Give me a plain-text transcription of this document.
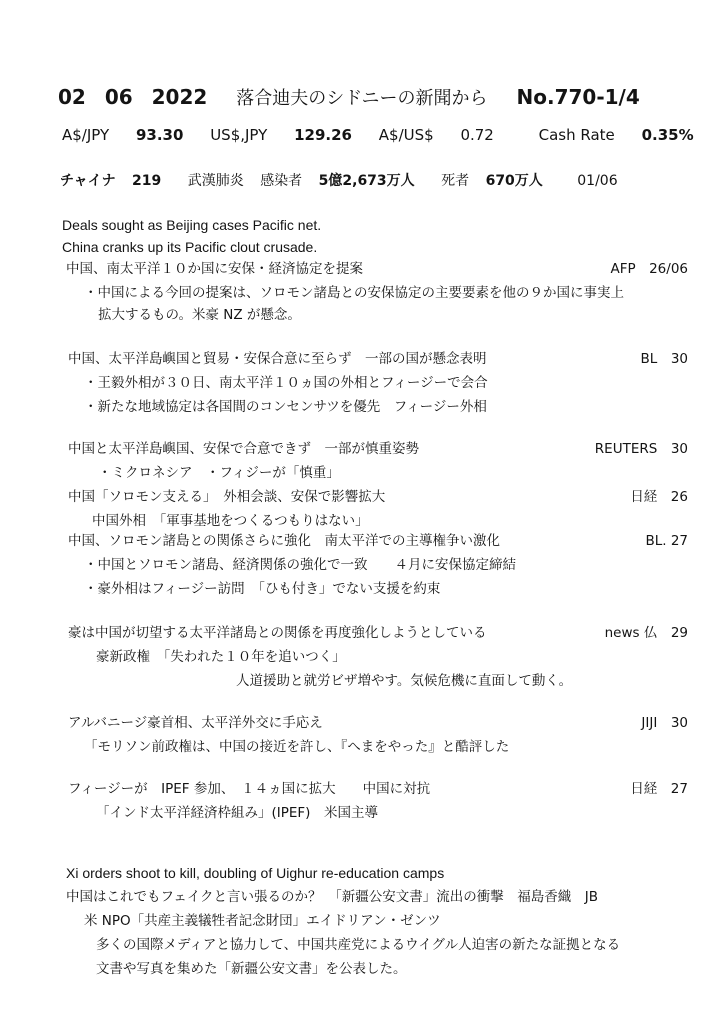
02 06 2022 落合迪夫のシドニーの新聞から No.770-1/4
A$/JPY 93.30 US$,JPY 129.26 A$/US$ 0.72	Cash Rate 0.35%
チャイナ 219 武漢肺炎 感染者 5億2,673万人 死者 670万人 01/06
Deals sought as Beijing cases Pacific net.
China cranks up its Pacific clout crusade.
中国、南太平洋１０か国に安保・経済協定を提案	AFP　26/06
・中国による今回の提案は、ソロモン諸島との安保協定の主要要素を他の９か国に事実上
拡大するもの。米豪 NZ が懸念。
中国、太平洋島嶼国と貿易・安保合意に至らず　一部の国が懸念表明	BL　30
・王毅外相が３０日、南太平洋１０ヵ国の外相とフィージーで会合
・新たな地域協定は各国間のコンセンサツを優先　フィージー外相
中国と太平洋島嶼国、安保で合意できず　一部が慎重姿勢	REUTERS　30
・ミクロネシア　・フィジーが「慎重」
中国「ソロモン支える」　外相会談、安保で影響拡大	日経　26
中国外相　「軍事基地をつくるつもりはない」
中国、ソロモン諸島との関係さらに強化　南太平洋での主導権争い激化	BL. 27
・中国とソロモン諸島、経済関係の強化で一致　　４月に安保協定締結
・豪外相はフィージー訪問　「ひも付き」でない支援を約束
豪は中国が切望する太平洋諸島との関係を再度強化しようとしている	news 仏　29
豪新政権　「失われた１０年を追いつく」
人道援助と就労ビザ増やす。気候危機に直面して動く。
アルバニージ豪首相、太平洋外交に手応え	JIJI　30
「モリソン前政権は、中国の接近を許し、『へまをやった』と酷評した
フィージーが　IPEF 参加、　１４ヵ国に拡大　　中国に対抗	日経　27
「インド太平洋経済枠組み」(IPEF)　米国主導
Xi orders shoot to kill, doubling of Uighur re-education camps
中国はこれでもフェイクと言い張るのか？　「新疆公安文書」流出の衝撃　福島香織　JB
米 NPO「共産主義犠牲者記念財団」エイドリアン・ゼンツ
多くの国際メディアと協力して、中国共産党によるウイグル人迫害の新たな証拠となる
文書や写真を集めた「新疆公安文書」を公表した。
